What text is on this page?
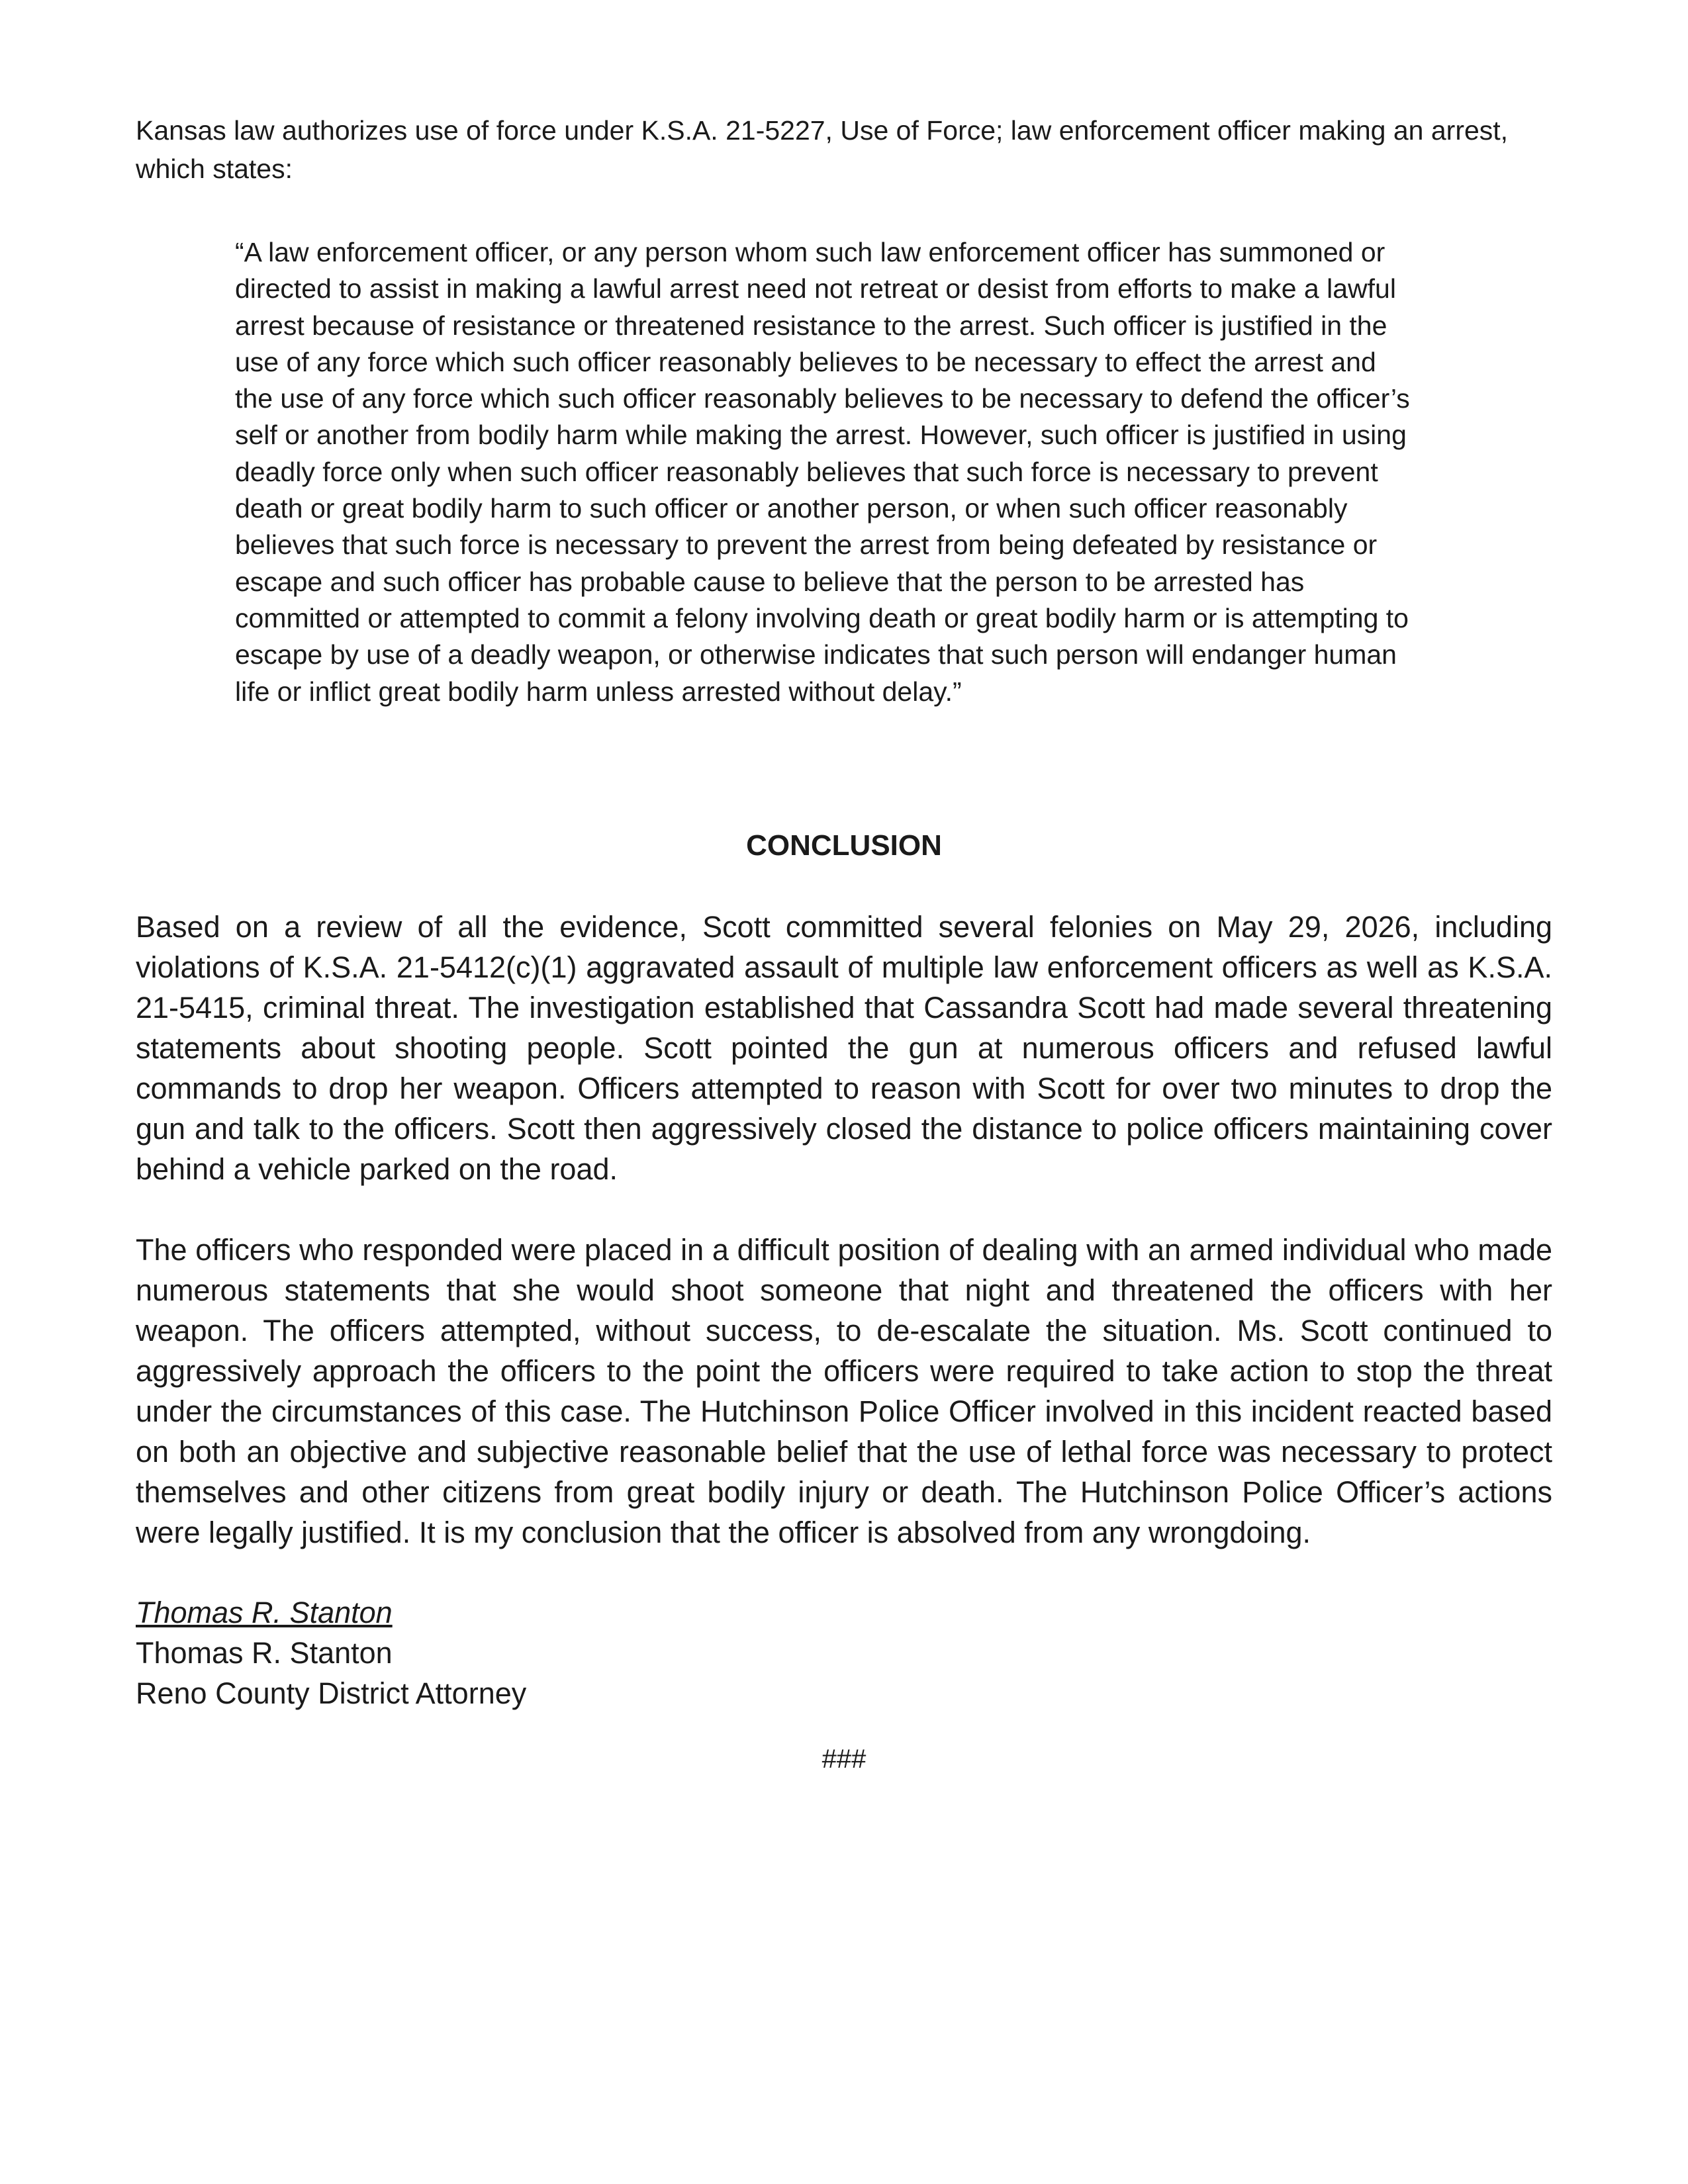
Kansas law authorizes use of force under K.S.A. 21-5227, Use of Force; law enforcement officer making an arrest, which states:

“A law enforcement officer, or any person whom such law enforcement officer has summoned or directed to assist in making a lawful arrest need not retreat or desist from efforts to make a lawful arrest because of resistance or threatened resistance to the arrest. Such officer is justified in the use of any force which such officer reasonably believes to be necessary to effect the arrest and the use of any force which such officer reasonably believes to be necessary to defend the officer’s self or another from bodily harm while making the arrest. However, such officer is justified in using deadly force only when such officer reasonably believes that such force is necessary to prevent death or great bodily harm to such officer or another person, or when such officer reasonably believes that such force is necessary to prevent the arrest from being defeated by resistance or escape and such officer has probable cause to believe that the person to be arrested has committed or attempted to commit a felony involving death or great bodily harm or is attempting to escape by use of a deadly weapon, or otherwise indicates that such person will endanger human life or inflict great bodily harm unless arrested without delay.”

CONCLUSION

Based on a review of all the evidence, Scott committed several felonies on May 29, 2026, including violations of K.S.A. 21-5412(c)(1) aggravated assault of multiple law enforcement officers as well as K.S.A. 21-5415, criminal threat. The investigation established that Cassandra Scott had made several threatening statements about shooting people. Scott pointed the gun at numerous officers and refused lawful commands to drop her weapon. Officers attempted to reason with Scott for over two minutes to drop the gun and talk to the officers. Scott then aggressively closed the distance to police officers maintaining cover behind a vehicle parked on the road.

The officers who responded were placed in a difficult position of dealing with an armed individual who made numerous statements that she would shoot someone that night and threatened the officers with her weapon. The officers attempted, without success, to de-escalate the situation. Ms. Scott continued to aggressively approach the officers to the point the officers were required to take action to stop the threat under the circumstances of this case. The Hutchinson Police Officer involved in this incident reacted based on both an objective and subjective reasonable belief that the use of lethal force was necessary to protect themselves and other citizens from great bodily injury or death. The Hutchinson Police Officer’s actions were legally justified. It is my conclusion that the officer is absolved from any wrongdoing.

Thomas R. Stanton

Thomas R. Stanton

Reno County District Attorney

###
